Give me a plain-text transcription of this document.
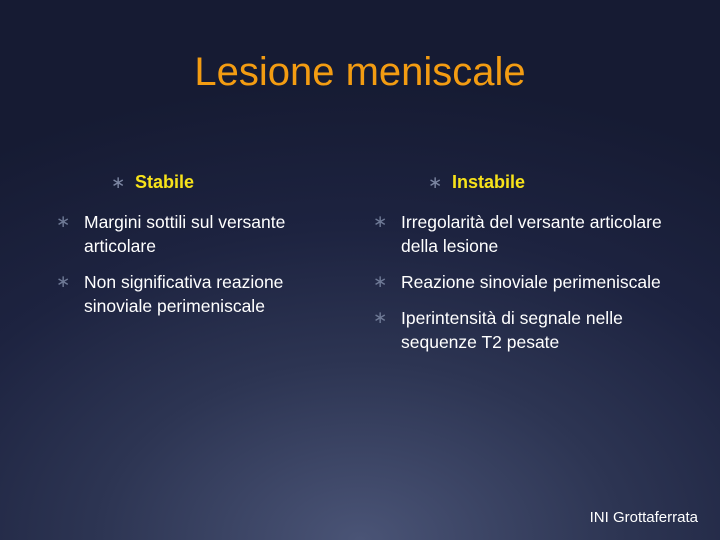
Lesione meniscale
∗ Stabile
∗ Margini sottili sul versante articolare
∗ Non significativa reazione sinoviale perimeniscale
∗ Instabile
∗ Irregolarità del versante articolare della lesione
∗ Reazione sinoviale perimeniscale
∗ Iperintensità di segnale nelle sequenze T2 pesate
INI Grottaferrata
